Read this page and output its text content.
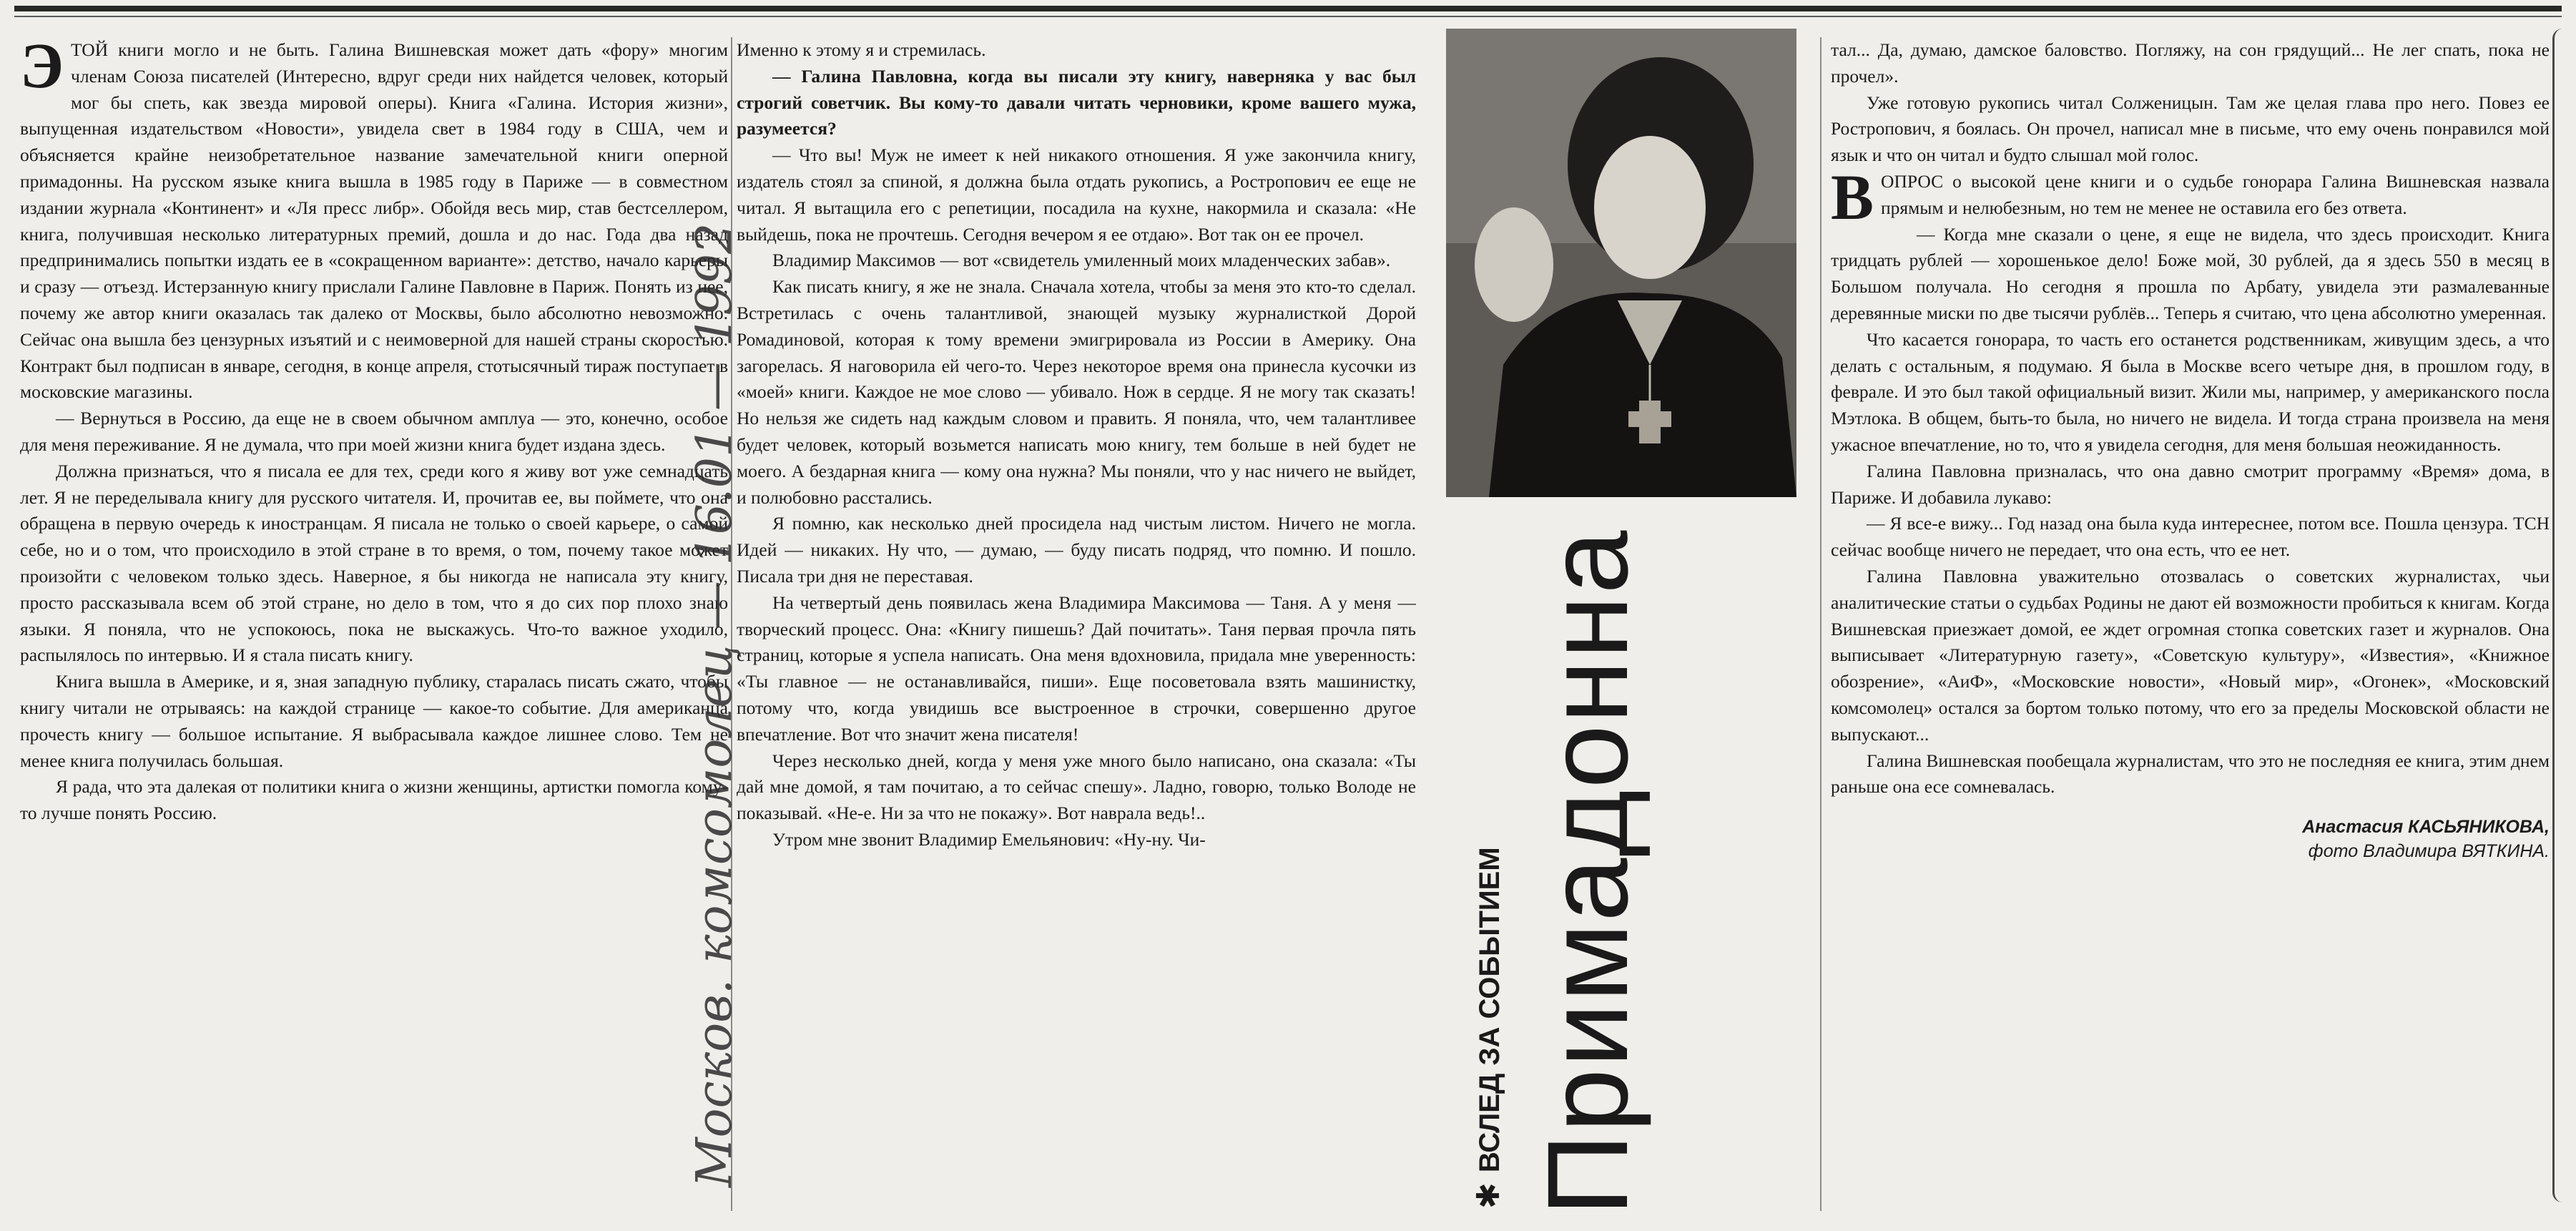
ЭТОЙ книги могло и не быть. Галина Вишневская может дать «фору» многим членам Союза писателей (Интересно, вдруг среди них найдется человек, который мог бы спеть, как звезда мировой оперы). Книга «Галина. История жизни», выпущенная издательством «Новости», увидела свет в 1984 году в США, чем и объясняется крайне неизобретательное название замечательной книги оперной примадонны. На русском языке книга вышла в 1985 году в Париже — в совместном издании журнала «Континент» и «Ля пресс либр». Обойдя весь мир, став бестселлером, книга, получившая несколько литературных премий, дошла и до нас. Года два назад предпринимались попытки издать ее в «сокращенном варианте»: детство, начало карьеры и сразу — отъезд. Истерзанную книгу прислали Галине Павловне в Париж. Понять из нее, почему же автор книги оказалась так далеко от Москвы, было абсолютно невозможно. Сейчас она вышла без цензурных изъятий и с неимоверной для нашей страны скоростью. Контракт был подписан в январе, сегодня, в конце апреля, стотысячный тираж поступает в московские магазины.

— Вернуться в Россию, да еще не в своем обычном амплуа — это, конечно, особое для меня переживание. Я не думала, что при моей жизни книга будет издана здесь.

Должна признаться, что я писала ее для тех, среди кого я живу вот уже семнадцать лет. Я не переделывала книгу для русского читателя. И, прочитав ее, вы поймете, что она обращена в первую очередь к иностранцам. Я писала не только о своей карьере, о самой себе, но и о том, что происходило в этой стране в то время, о том, почему такое может произойти с человеком только здесь. Наверное, я бы никогда не написала эту книгу, просто рассказывала всем об этой стране, но дело в том, что я до сих пор плохо знаю языки. Я поняла, что не успокоюсь, пока не выскажусь. Что-то важное уходило, распылялось по интервью. И я стала писать книгу.

Книга вышла в Америке, и я, зная западную публику, старалась писать сжато, чтобы книгу читали не отрываясь: на каждой странице — какое-то событие. Для американца прочесть книгу — большое испытание. Я выбрасывала каждое лишнее слово. Тем не менее книга получилась большая.

Я рада, что эта далекая от политики книга о жизни женщины, артистки помогла кому-то лучше понять Россию.

Именно к этому я и стремилась.

— Галина Павловна, когда вы писали эту книгу, наверняка у вас был строгий советчик. Вы кому-то давали читать черновики, кроме вашего мужа, разумеется?

— Что вы! Муж не имеет к ней никакого отношения. Я уже закончила книгу, издатель стоял за спиной, я должна была отдать рукопись, а Ростропович ее еще не читал. Я вытащила его с репетиции, посадила на кухне, накормила и сказала: «Не выйдешь, пока не прочтешь. Сегодня вечером я ее отдаю». Вот так он ее прочел.

Владимир Максимов — вот «свидетель умиленный моих младенческих забав».

Как писать книгу, я же не знала. Сначала хотела, чтобы за меня это кто-то сделал. Встретилась с очень талантливой, знающей музыку журналисткой Дорой Ромадиновой, которая к тому времени эмигрировала из России в Америку. Она загорелась. Я наговорила ей чего-то. Через некоторое время она принесла кусочки из «моей» книги. Каждое не мое слово — убивало. Нож в сердце. Я не могу так сказать! Но нельзя же сидеть над каждым словом и править. Я поняла, что, чем талантливее будет человек, который возьмется написать мою книгу, тем больше в ней будет не моего. А бездарная книга — кому она нужна? Мы поняли, что у нас ничего не выйдет, и полюбовно расстались.

Я помню, как несколько дней просидела над чистым листом. Ничего не могла. Идей — никаких. Ну что, — думаю, — буду писать подряд, что помню. И пошло. Писала три дня не переставая.

На четвертый день появилась жена Владимира Максимова — Таня. А у меня — творческий процесс. Она: «Книгу пишешь? Дай почитать». Таня первая прочла пять страниц, которые я успела написать. Она меня вдохновила, придала мне уверенность: «Ты главное — не останавливайся, пиши». Еще посоветовала взять машинистку, потому что, когда увидишь все выстроенное в строчки, совершенно другое впечатление. Вот что значит жена писателя!

Через несколько дней, когда у меня уже много было написано, она сказала: «Ты дай мне домой, я там почитаю, а то сейчас спешу». Ладно, говорю, только Володе не показывай. «Не-е. Ни за что не покажу». Вот наврала ведь!..

Утром мне звонит Владимир Емельянович: «Ну-ну. Чи-

✱ВСЛЕД ЗА СОБЫТИЕМ Примадонна

тал... Да, думаю, дамское баловство. Погляжу, на сон грядущий... Не лег спать, пока не прочел».

Уже готовую рукопись читал Солженицын. Там же целая глава про него. Повез ее Ростропович, я боялась. Он прочел, написал мне в письме, что ему очень понравился мой язык и что он читал и будто слышал мой голос.

ВОПРОС о высокой цене книги и о судьбе гонорара Галина Вишневская назвала прямым и нелюбезным, но тем не менее не оставила его без ответа.

— Когда мне сказали о цене, я еще не видела, что здесь происходит. Книга тридцать рублей — хорошенькое дело! Боже мой, 30 рублей, да я здесь 550 в месяц в Большом получала. Но сегодня я прошла по Арбату, увидела эти размалеванные деревянные миски по две тысячи рублёв... Теперь я считаю, что цена абсолютно умеренная.

Что касается гонорара, то часть его останется родственникам, живущим здесь, а что делать с остальным, я подумаю. Я была в Москве всего четыре дня, в прошлом году, в феврале. И это был такой официальный визит. Жили мы, например, у американского посла Мэтлока. В общем, быть-то была, но ничего не видела. И тогда страна произвела на меня ужасное впечатление, но то, что я увидела сегодня, для меня большая неожиданность.

Галина Павловна призналась, что она давно смотрит программу «Время» дома, в Париже. И добавила лукаво:

— Я все-е вижу... Год назад она была куда интереснее, потом все. Пошла цензура. ТСН сейчас вообще ничего не передает, что она есть, что ее нет.

Галина Павловна уважительно отозвалась о советских журналистах, чьи аналитические статьи о судьбах Родины не дают ей возможности пробиться к книгам. Когда Вишневская приезжает домой, ее ждет огромная стопка советских газет и журналов. Она выписывает «Литературную газету», «Советскую культуру», «Известия», «Книжное обозрение», «АиФ», «Московские новости», «Новый мир», «Огонек», «Московский комсомолец» остался за бортом только потому, что его за пределы Московской области не выпускают...

Галина Вишневская пообещала журналистам, что это не последняя ее книга, этим днем раньше она есе сомневалась.

Анастасия КАСЬЯНИКОВА,
фото Владимира ВЯТКИНА.
Москов. комсомолец — 16.01 — 1992
